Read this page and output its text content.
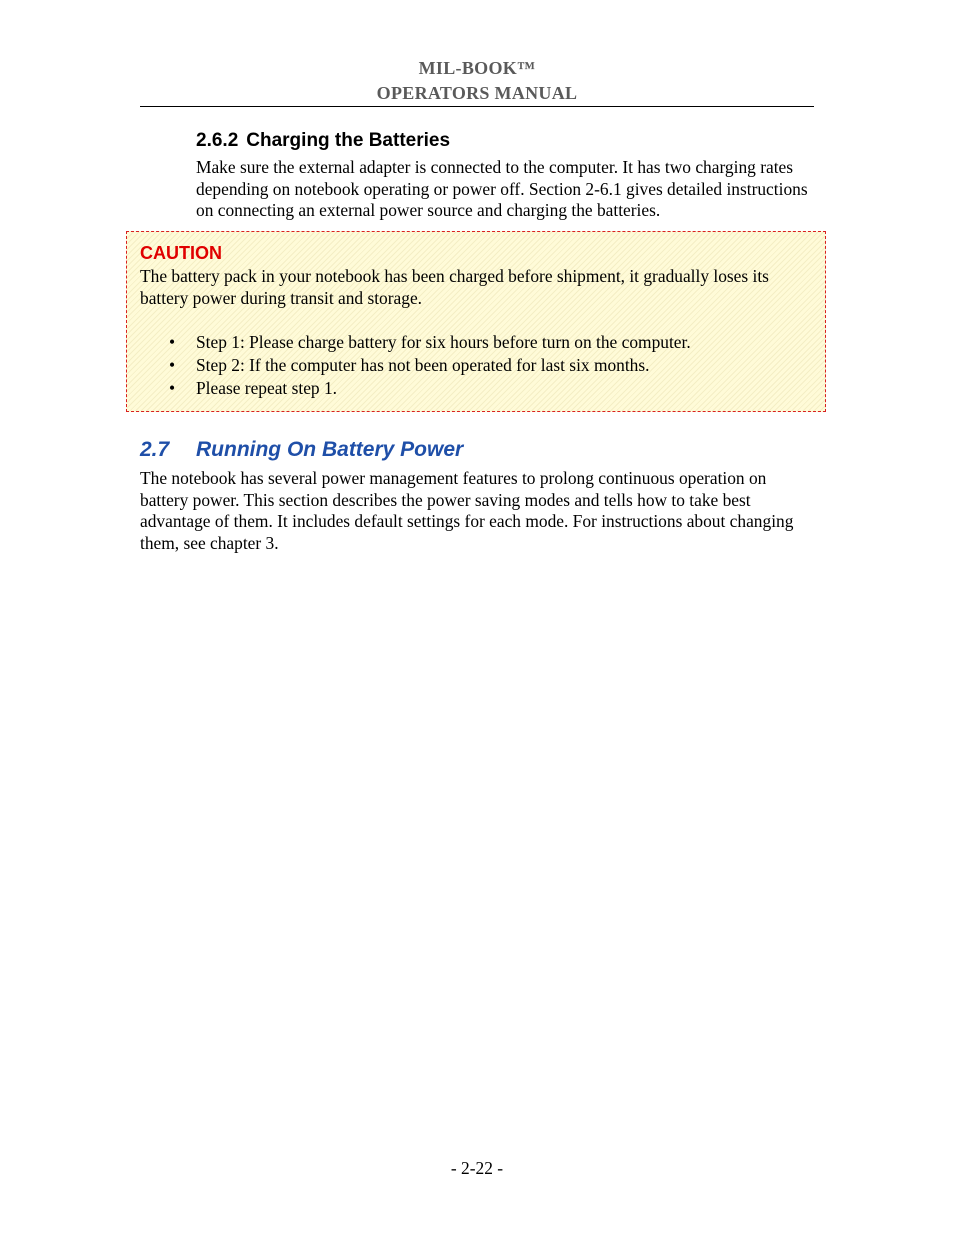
MIL-BOOK™
OPERATORS MANUAL
2.6.2 Charging the Batteries
Make sure the external adapter is connected to the computer. It has two charging rates depending on notebook operating or power off. Section 2-6.1 gives detailed instructions on connecting an external power source and charging the batteries.
CAUTION
The battery pack in your notebook has been charged before shipment, it gradually loses its battery power during transit and storage.
• Step 1: Please charge battery for six hours before turn on the computer.
• Step 2: If the computer has not been operated for last six months.
• Please repeat step 1.
2.7 Running On Battery Power
The notebook has several power management features to prolong continuous operation on battery power. This section describes the power saving modes and tells how to take best advantage of them. It includes default settings for each mode. For instructions about changing them, see chapter 3.
- 2-22 -
